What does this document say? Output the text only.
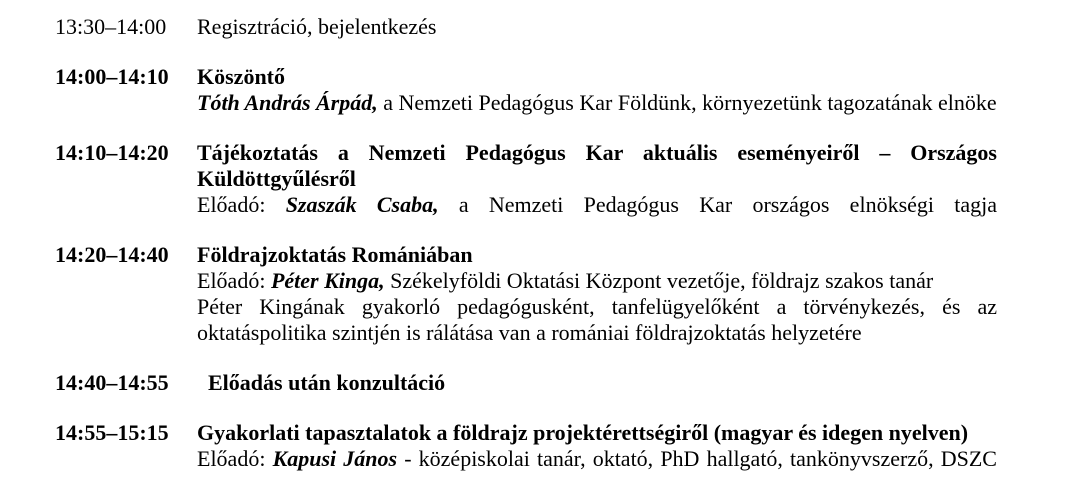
13:30–14:00	Regisztráció, bejelentkezés

14:00–14:10	Köszöntő

Tóth András Árpád, a Nemzeti Pedagógus Kar Földünk, környezetünk tagozatának elnöke

14:10–14:20	Tájékoztatás a Nemzeti Pedagógus Kar aktuális eseményeiről – Országos Küldöttgyűlésről

Előadó: Szaszák Csaba, a Nemzeti Pedagógus Kar országos elnökségi tagja

14:20–14:40	Földrajzoktatás Romániában

Előadó: Péter Kinga, Székelyföldi Oktatási Központ vezetője, földrajz szakos tanár

Péter Kingának gyakorló pedagógusként, tanfelügyelőként a törvénykezés, és az oktatáspolitika szintjén is rálátása van a romániai földrajzoktatás helyzetére

14:40–14:55	Előadás után konzultáció

14:55–15:15	Gyakorlati tapasztalatok a földrajz projektérettségiről (magyar és idegen nyelven)

Előadó: Kapusi János - középiskolai tanár, oktató, PhD hallgató, tankönyvszerző, DSZC
